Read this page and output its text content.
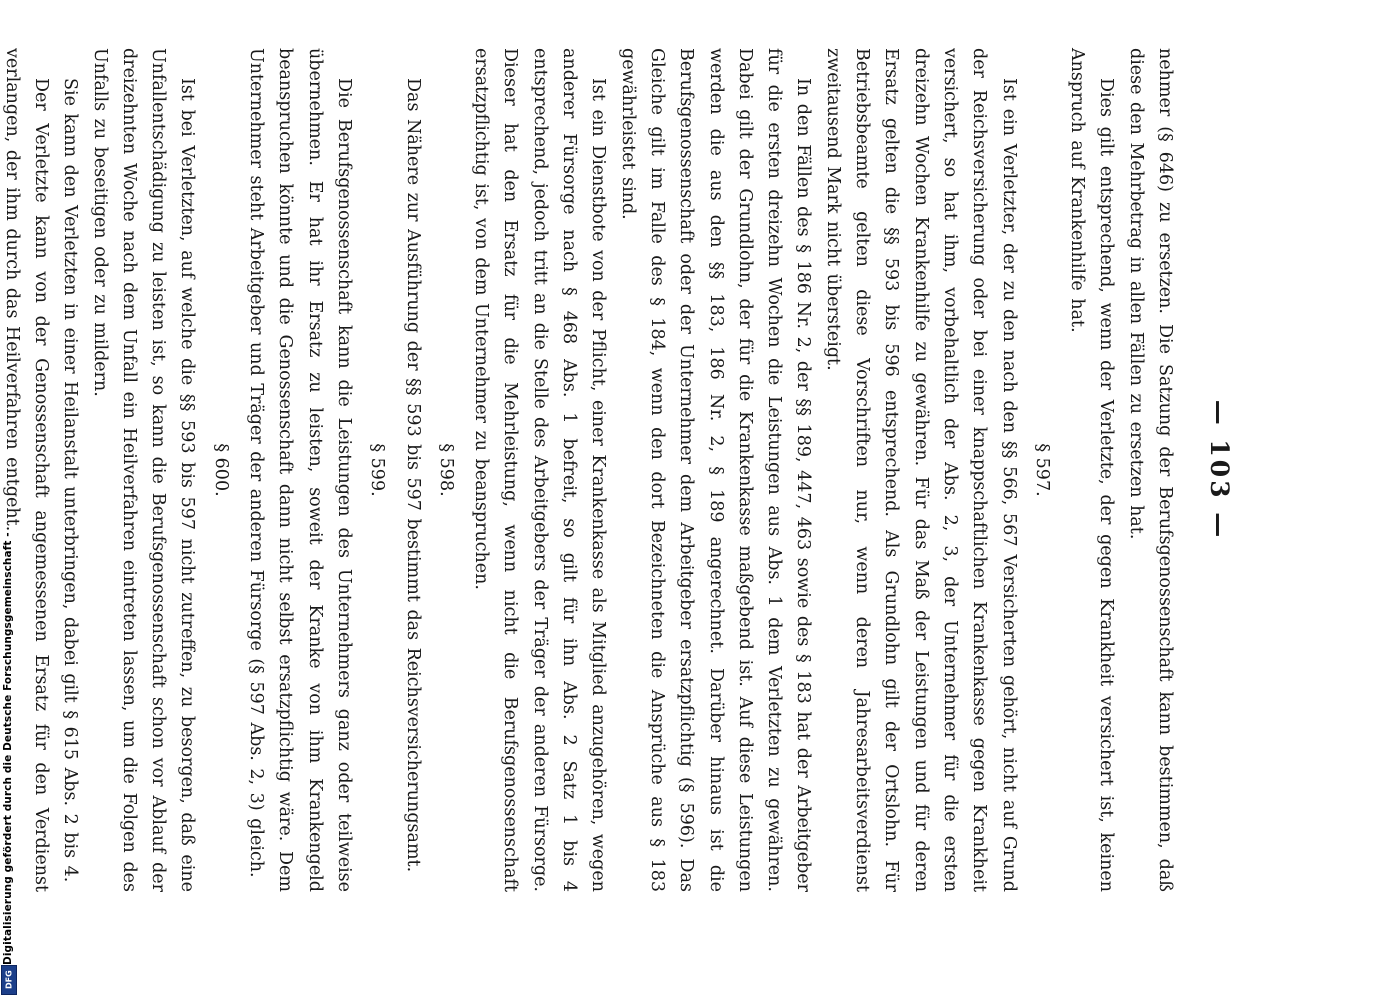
— 103 —

nehmer (§ 646) zu ersetzen. Die Satzung der Berufsgenossenschaft kann bestimmen, daß diese den Mehrbetrag in allen Fällen zu ersetzen hat.

Dies gilt entsprechend, wenn der Verletzte, der gegen Krankheit versichert ist, keinen Anspruch auf Krankenhilfe hat.

§ 597.

Ist ein Verletzter, der zu den nach den §§ 566, 567 Versicherten gehört, nicht auf Grund der Reichsversicherung oder bei einer knappschaftlichen Krankenkasse gegen Krankheit versichert, so hat ihm, vorbehaltlich der Abs. 2, 3, der Unternehmer für die ersten dreizehn Wochen Krankenhilfe zu gewähren. Für das Maß der Leistungen und für deren Ersatz gelten die §§ 593 bis 596 entsprechend. Als Grundlohn gilt der Ortslohn. Für Betriebsbeamte gelten diese Vorschriften nur, wenn deren Jahresarbeitsverdienst zweitausend Mark nicht übersteigt.

In den Fällen des § 186 Nr. 2, der §§ 189, 447, 463 sowie des § 183 hat der Arbeitgeber für die ersten dreizehn Wochen die Leistungen aus Abs. 1 dem Verletzten zu gewähren. Dabei gilt der Grundlohn, der für die Krankenkasse maßgebend ist. Auf diese Leistungen werden die aus den §§ 183, 186 Nr. 2, § 189 angerechnet. Darüber hinaus ist die Berufsgenossenschaft oder der Unternehmer dem Arbeitgeber ersatzpflichtig (§ 596). Das Gleiche gilt im Falle des § 184, wenn den dort Bezeichneten die Ansprüche aus § 183 gewährleistet sind.

Ist ein Dienstbote von der Pflicht, einer Krankenkasse als Mitglied anzugehören, wegen anderer Fürsorge nach § 468 Abs. 1 befreit, so gilt für ihn Abs. 2 Satz 1 bis 4 entsprechend, jedoch tritt an die Stelle des Arbeitgebers der Träger der anderen Fürsorge. Dieser hat den Ersatz für die Mehrleistung, wenn nicht die Berufsgenossenschaft ersatzpflichtig ist, von dem Unternehmer zu beanspruchen.

§ 598.

Das Nähere zur Ausführung der §§ 593 bis 597 bestimmt das Reichsversicherungsamt.

§ 599.

Die Berufsgenossenschaft kann die Leistungen des Unternehmers ganz oder teilweise übernehmen. Er hat ihr Ersatz zu leisten, soweit der Kranke von ihm Krankengeld beanspruchen könnte und die Genossenschaft dann nicht selbst ersatzpflichtig wäre. Dem Unternehmer steht Arbeitgeber und Träger der anderen Fürsorge (§ 597 Abs. 2, 3) gleich.

§ 600.

Ist bei Verletzten, auf welche die §§ 593 bis 597 nicht zutreffen, zu besorgen, daß eine Unfallentschädigung zu leisten ist, so kann die Berufsgenossenschaft schon vor Ablauf der dreizehnten Woche nach dem Unfall ein Heilverfahren eintreten lassen, um die Folgen des Unfalls zu beseitigen oder zu mildern.

Sie kann den Verletzten in einer Heilanstalt unterbringen, dabei gilt § 615 Abs. 2 bis 4.

Der Verletzte kann von der Genossenschaft angemessenen Ersatz für den Verdienst verlangen, der ihm durch das Heilverfahren entgeht.

Digitalisierung gefördert durch die Deutsche Forschungsgemeinschaft -
DFG
